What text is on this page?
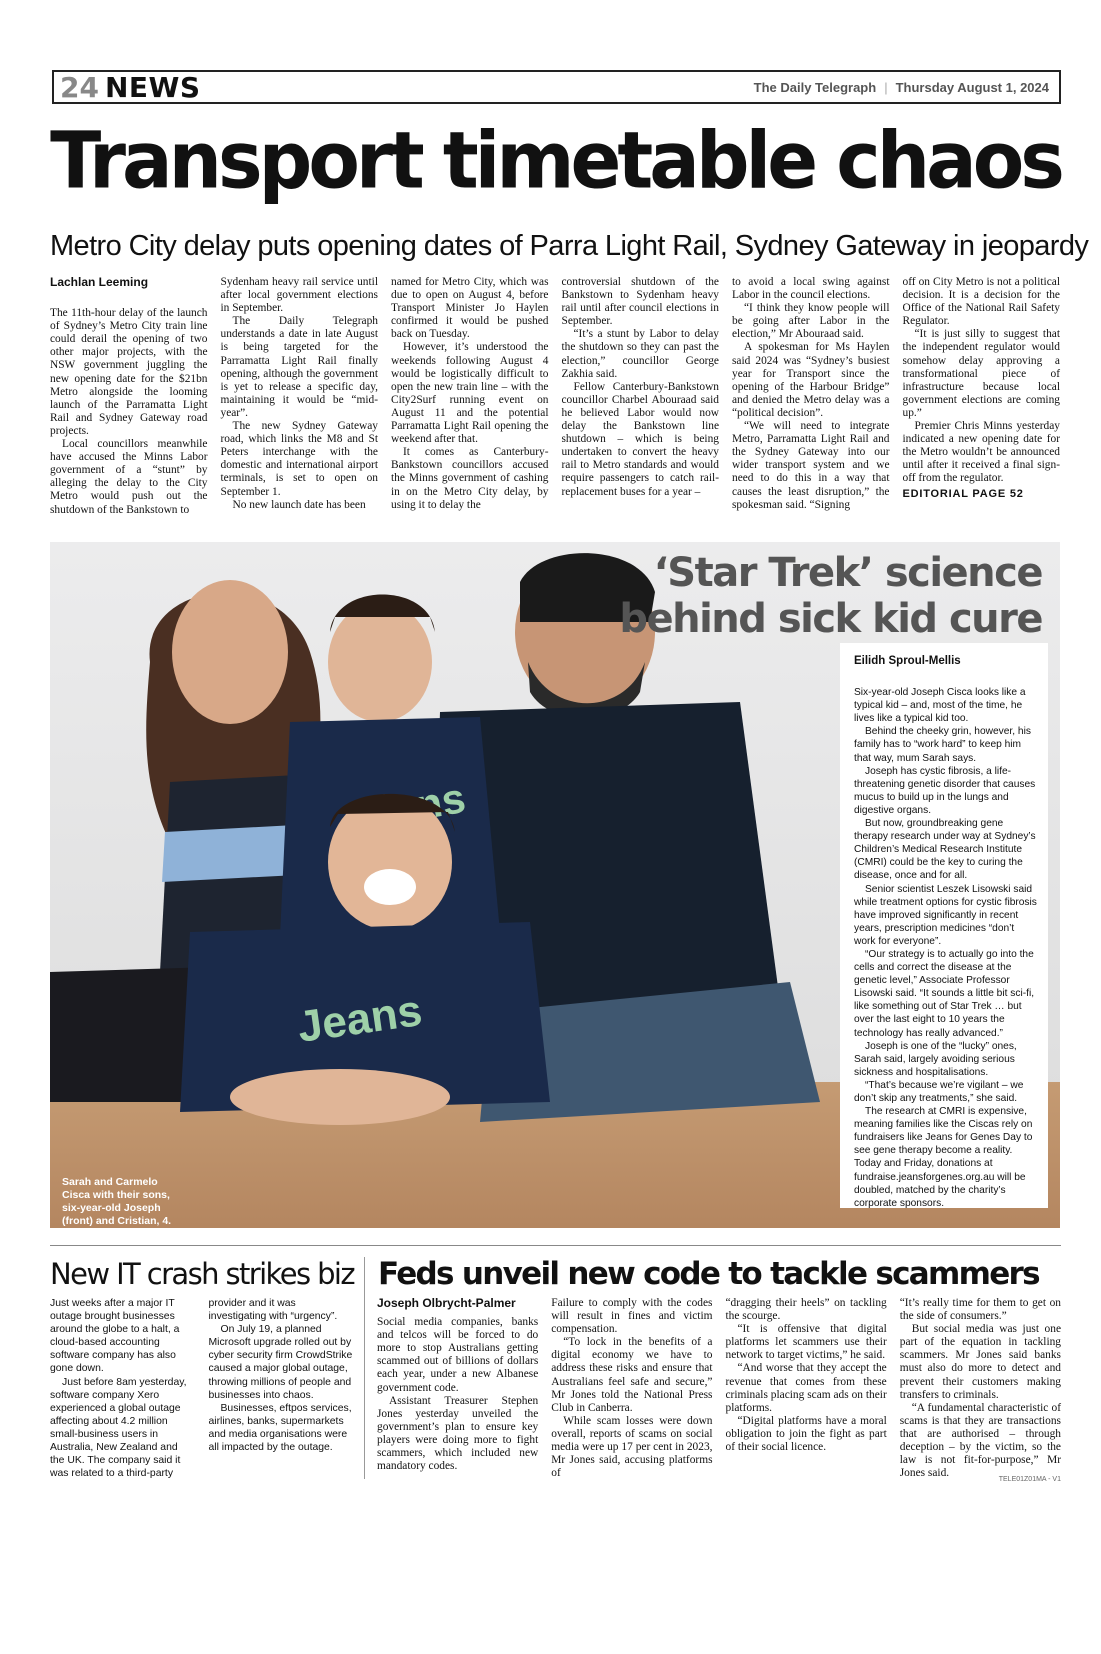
24 NEWS	The Daily Telegraph | Thursday August 1, 2024
Transport timetable chaos
Metro City delay puts opening dates of Parra Light Rail, Sydney Gateway in jeopardy
Lachlan Leeming

The 11th-hour delay of the launch of Sydney’s Metro City train line could derail the opening of two other major projects, with the NSW government juggling the new opening date for the $21bn Metro alongside the looming launch of the Parramatta Light Rail and Sydney Gateway road projects.

Local councillors meanwhile have accused the Minns Labor government of a “stunt” by alleging the delay to the City Metro would push out the shutdown of the Bankstown to

Sydenham heavy rail service until after local government elections in September.

The Daily Telegraph understands a date in late August is being targeted for the Parramatta Light Rail finally opening, although the government is yet to release a specific day, maintaining it would be “mid-year”.

The new Sydney Gateway road, which links the M8 and St Peters interchange with the domestic and international airport terminals, is set to open on September 1.

No new launch date has been

named for Metro City, which was due to open on August 4, before Transport Minister Jo Haylen confirmed it would be pushed back on Tuesday.

However, it’s understood the weekends following August 4 would be logistically difficult to open the new train line – with the City2Surf running event on August 11 and the potential Parramatta Light Rail opening the weekend after that.

It comes as Canterbury-Bankstown councillors accused the Minns government of cashing in on the Metro City delay, by using it to delay the

controversial shutdown of the Bankstown to Sydenham heavy rail until after council elections in September.

“It’s a stunt by Labor to delay the shutdown so they can past the election,” councillor George Zakhia said.

Fellow Canterbury-Bankstown councillor Charbel Abouraad said he believed Labor would now delay the Bankstown line shutdown – which is being undertaken to convert the heavy rail to Metro standards and would require passengers to catch rail-replacement buses for a year –

to avoid a local swing against Labor in the council elections.

“I think they know people will be going after Labor in the election,” Mr Abouraad said.

A spokesman for Ms Haylen said 2024 was “Sydney’s busiest year for Transport since the opening of the Harbour Bridge” and denied the Metro delay was a “political decision”.

“We will need to integrate Metro, Parramatta Light Rail and the Sydney Gateway into our wider transport system and we need to do this in a way that causes the least disruption,” the spokesman said. “Signing

off on City Metro is not a political decision. It is a decision for the Office of the National Rail Safety Regulator.

“It is just silly to suggest that the independent regulator would somehow delay approving a transformational piece of infrastructure because local government elections are coming up.”

Premier Chris Minns yesterday indicated a new opening date for the Metro wouldn’t be announced until after it received a final sign-off from the regulator.

EDITORIAL PAGE 52
Jeans
‘Star Trek’ science
behind sick kid cure
Eilidh Sproul-Mellis

Six-year-old Joseph Cisca looks like a typical kid – and, most of the time, he lives like a typical kid too.

Behind the cheeky grin, however, his family has to “work hard” to keep him that way, mum Sarah says.

Joseph has cystic fibrosis, a life-threatening genetic disorder that causes mucus to build up in the lungs and digestive organs.

But now, groundbreaking gene therapy research under way at Sydney’s Children’s Medical Research Institute (CMRI) could be the key to curing the disease, once and for all.

Senior scientist Leszek Lisowski said while treatment options for cystic fibrosis have improved significantly in recent years, prescription medicines “don’t work for everyone”.

“Our strategy is to actually go into the cells and correct the disease at the genetic level,” Associate Professor Lisowski said. “It sounds a little bit sci-fi, like something out of Star Trek … but over the last eight to 10 years the technology has really advanced.”

Joseph is one of the “lucky” ones, Sarah said, largely avoiding serious sickness and hospitalisations.

“That’s because we’re vigilant – we don’t skip any treatments,” she said.

The research at CMRI is expensive, meaning families like the Ciscas rely on fundraisers like Jeans for Genes Day to see gene therapy become a reality. Today and Friday, donations at fundraise.jeansforgenes.org.au will be doubled, matched by the charity’s corporate sponsors.

Sarah and Carmelo Cisca with their sons, six-year-old Joseph (front) and Cristian, 4. Picture: Tom Parrish
New IT crash strikes biz

Just weeks after a major IT outage brought businesses around the globe to a halt, a cloud-based accounting software company has also gone down.

Just before 8am yesterday, software company Xero experienced a global outage affecting about 4.2 million small-business users in Australia, New Zealand and the UK. The company said it was related to a third-party

provider and it was investigating with “urgency”.

On July 19, a planned Microsoft upgrade rolled out by cyber security firm CrowdStrike caused a major global outage, throwing millions of people and businesses into chaos.

Businesses, eftpos services, airlines, banks, supermarkets and media organisations were all impacted by the outage.

Feds unveil new code to tackle scammers
Joseph Olbrycht-Palmer

Social media companies, banks and telcos will be forced to do more to stop Australians getting scammed out of billions of dollars each year, under a new Albanese government code.

Assistant Treasurer Stephen Jones yesterday unveiled the government’s plan to ensure key players were doing more to fight scammers, which included new mandatory codes.

Failure to comply with the codes will result in fines and victim compensation.

“To lock in the benefits of a digital economy we have to address these risks and ensure that Australians feel safe and secure,” Mr Jones told the National Press Club in Canberra.

While scam losses were down overall, reports of scams on social media were up 17 per cent in 2023, Mr Jones said, accusing platforms of

“dragging their heels” on tackling the scourge.

“It is offensive that digital platforms let scammers use their network to target victims,” he said.

“And worse that they accept the revenue that comes from these criminals placing scam ads on their platforms.

“Digital platforms have a moral obligation to join the fight as part of their social licence.

“It’s really time for them to get on the side of consumers.”

But social media was just one part of the equation in tackling scammers. Mr Jones said banks must also do more to detect and prevent their customers making transfers to criminals.

“A fundamental characteristic of scams is that they are transactions that are authorised – through deception – by the victim, so the law is not fit-for-purpose,” Mr Jones said.

TELE01Z01MA - V1
